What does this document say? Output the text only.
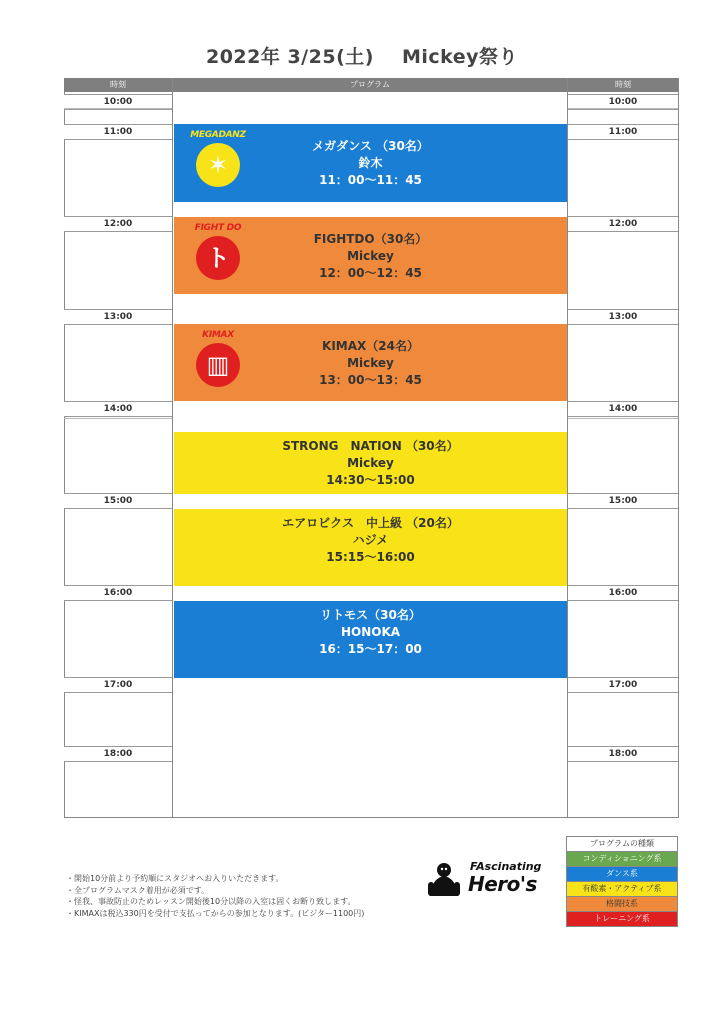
2022年 3/25(土) Mickey祭り
時刻	プログラム	時刻
10:00	10:00
11:00	11:00
12:00	12:00
13:00	13:00
14:00	14:00
15:00	15:00
16:00	16:00
17:00	17:00
18:00	18:00
メガダンス （30名）
鈴木
11：00～11：45
MEGADANZ
✶
FIGHTDO（30名）
Mickey
12：00～12：45
FIGHT DO
ト
KIMAX（24名）
Mickey
13：00～13：45
KIMAX
▥
STRONG　NATION （30名）
Mickey
14:30～15:00
エアロビクス　中上級 （20名）
ハジメ
15:15～16:00
リトモス（30名）
HONOKA
16：15～17：00
・開始10分前より予約順にスタジオへお入りいただきます。
・全プログラムマスク着用が必須です。
・怪我、事故防止のためレッスン開始後10分以降の入室は固くお断り致します。
・KIMAXは税込330円を受付で支払ってからの参加となります。(ビジター1100円)
FAscinating
Hero's
プログラムの種類
コンディショニング系
ダンス系
有酸素・アクティブ系
格闘技系
トレーニング系
